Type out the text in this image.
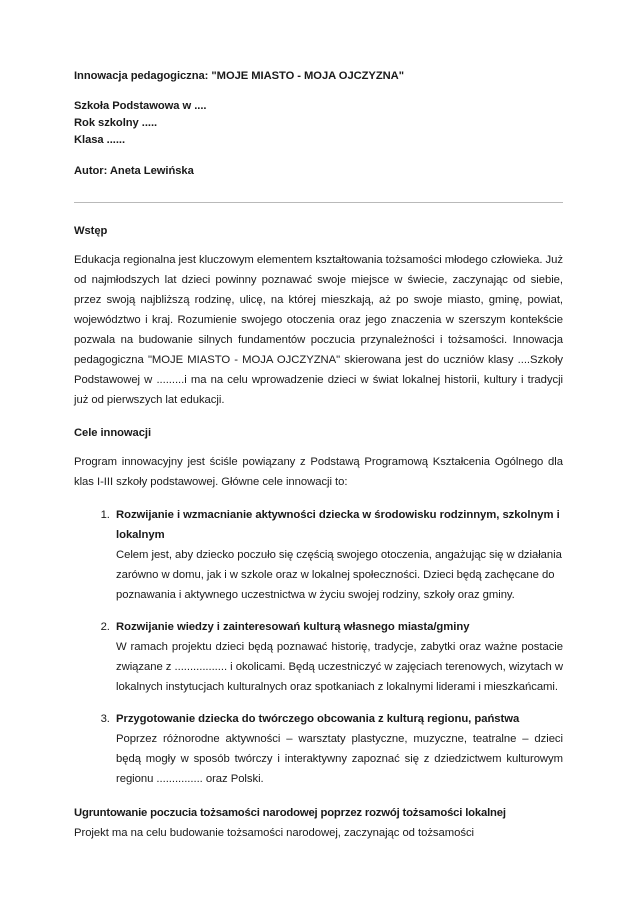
Innowacja pedagogiczna: "MOJE MIASTO - MOJA OJCZYZNA"

Szkoła Podstawowa w ....

Rok szkolny .....

Klasa ......

Autor: Aneta Lewińska

Wstęp

Edukacja regionalna jest kluczowym elementem kształtowania tożsamości młodego człowieka. Już od najmłodszych lat dzieci powinny poznawać swoje miejsce w świecie, zaczynając od siebie, przez swoją najbliższą rodzinę, ulicę, na której mieszkają, aż po swoje miasto, gminę, powiat, województwo i kraj. Rozumienie swojego otoczenia oraz jego znaczenia w szerszym kontekście pozwala na budowanie silnych fundamentów poczucia przynależności i tożsamości. Innowacja pedagogiczna "MOJE MIASTO - MOJA OJCZYZNA" skierowana jest do uczniów klasy ....Szkoły Podstawowej w .........i ma na celu wprowadzenie dzieci w świat lokalnej historii, kultury i tradycji już od pierwszych lat edukacji.

Cele innowacji

Program innowacyjny jest ściśle powiązany z Podstawą Programową Kształcenia Ogólnego dla klas I-III szkoły podstawowej. Główne cele innowacji to:

1. Rozwijanie i wzmacnianie aktywności dziecka w środowisku rodzinnym, szkolnym i lokalnym
Celem jest, aby dziecko poczuło się częścią swojego otoczenia, angażując się w działania zarówno w domu, jak i w szkole oraz w lokalnej społeczności. Dzieci będą zachęcane do poznawania i aktywnego uczestnictwa w życiu swojej rodziny, szkoły oraz gminy.
2. Rozwijanie wiedzy i zainteresowań kulturą własnego miasta/gminy
W ramach projektu dzieci będą poznawać historię, tradycje, zabytki oraz ważne postacie związane z ................. i okolicami. Będą uczestniczyć w zajęciach terenowych, wizytach w lokalnych instytucjach kulturalnych oraz spotkaniach z lokalnymi liderami i mieszkańcami.
3. Przygotowanie dziecka do twórczego obcowania z kulturą regionu, państwa
Poprzez różnorodne aktywności – warsztaty plastyczne, muzyczne, teatralne – dzieci będą mogły w sposób twórczy i interaktywny zapoznać się z dziedzictwem kulturowym regionu ............... oraz Polski.

Ugruntowanie poczucia tożsamości narodowej poprzez rozwój tożsamości lokalnej

Projekt ma na celu budowanie tożsamości narodowej, zaczynając od tożsamości
